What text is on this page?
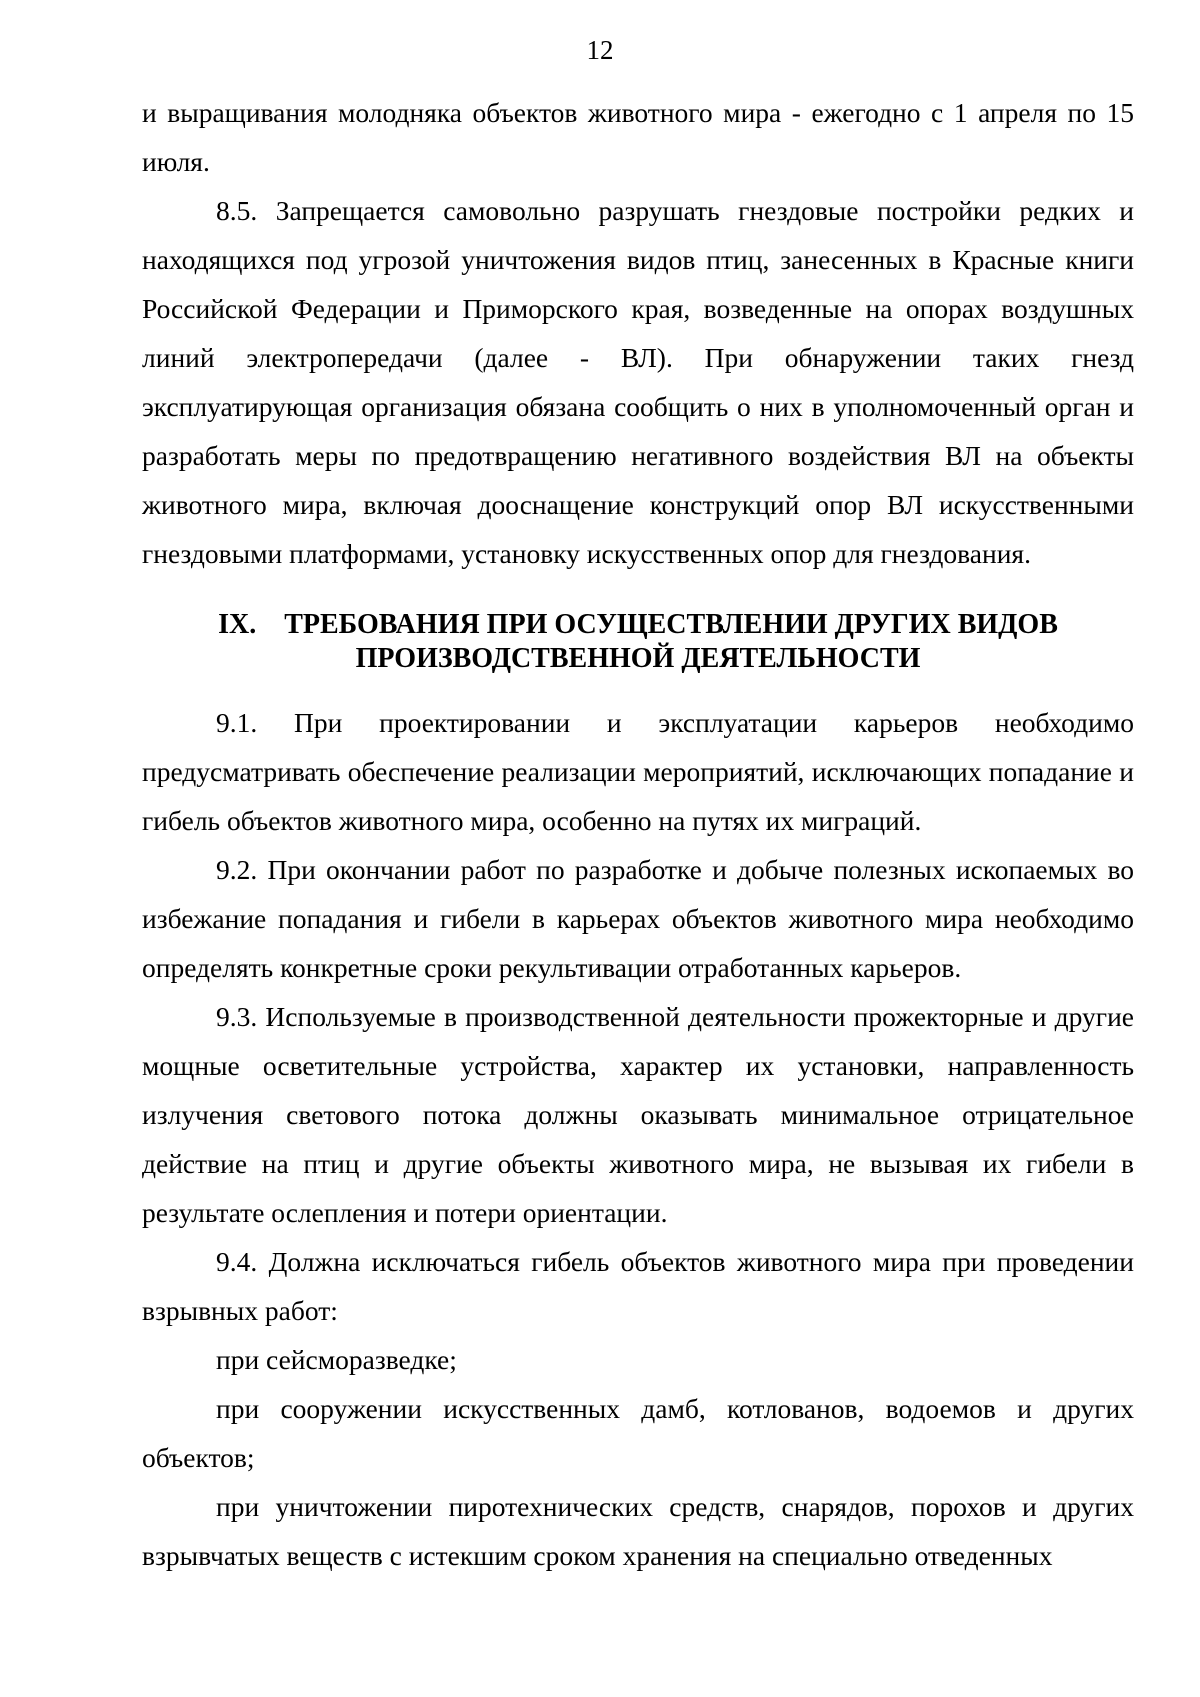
12

и выращивания молодняка объектов животного мира - ежегодно с 1 апреля по 15 июля.

8.5. Запрещается самовольно разрушать гнездовые постройки редких и находящихся под угрозой уничтожения видов птиц, занесенных в Красные книги Российской Федерации и Приморского края, возведенные на опорах воздушных линий электропередачи (далее - ВЛ). При обнаружении таких гнезд эксплуатирующая организация обязана сообщить о них в уполномоченный орган и разработать меры по предотвращению негативного воздействия ВЛ на объекты животного мира, включая дооснащение конструкций опор ВЛ искусственными гнездовыми платформами, установку искусственных опор для гнездования.

IX. ТРЕБОВАНИЯ ПРИ ОСУЩЕСТВЛЕНИИ ДРУГИХ ВИДОВ
ПРОИЗВОДСТВЕННОЙ ДЕЯТЕЛЬНОСТИ

9.1. При проектировании и эксплуатации карьеров необходимо предусматривать обеспечение реализации мероприятий, исключающих попадание и гибель объектов животного мира, особенно на путях их миграций.

9.2. При окончании работ по разработке и добыче полезных ископаемых во избежание попадания и гибели в карьерах объектов животного мира необходимо определять конкретные сроки рекультивации отработанных карьеров.

9.3. Используемые в производственной деятельности прожекторные и другие мощные осветительные устройства, характер их установки, направленность излучения светового потока должны оказывать минимальное отрицательное действие на птиц и другие объекты животного мира, не вызывая их гибели в результате ослепления и потери ориентации.

9.4. Должна исключаться гибель объектов животного мира при проведении взрывных работ:

при сейсморазведке;

при сооружении искусственных дамб, котлованов, водоемов и других объектов;

при уничтожении пиротехнических средств, снарядов, порохов и других взрывчатых веществ с истекшим сроком хранения на специально отведенных
